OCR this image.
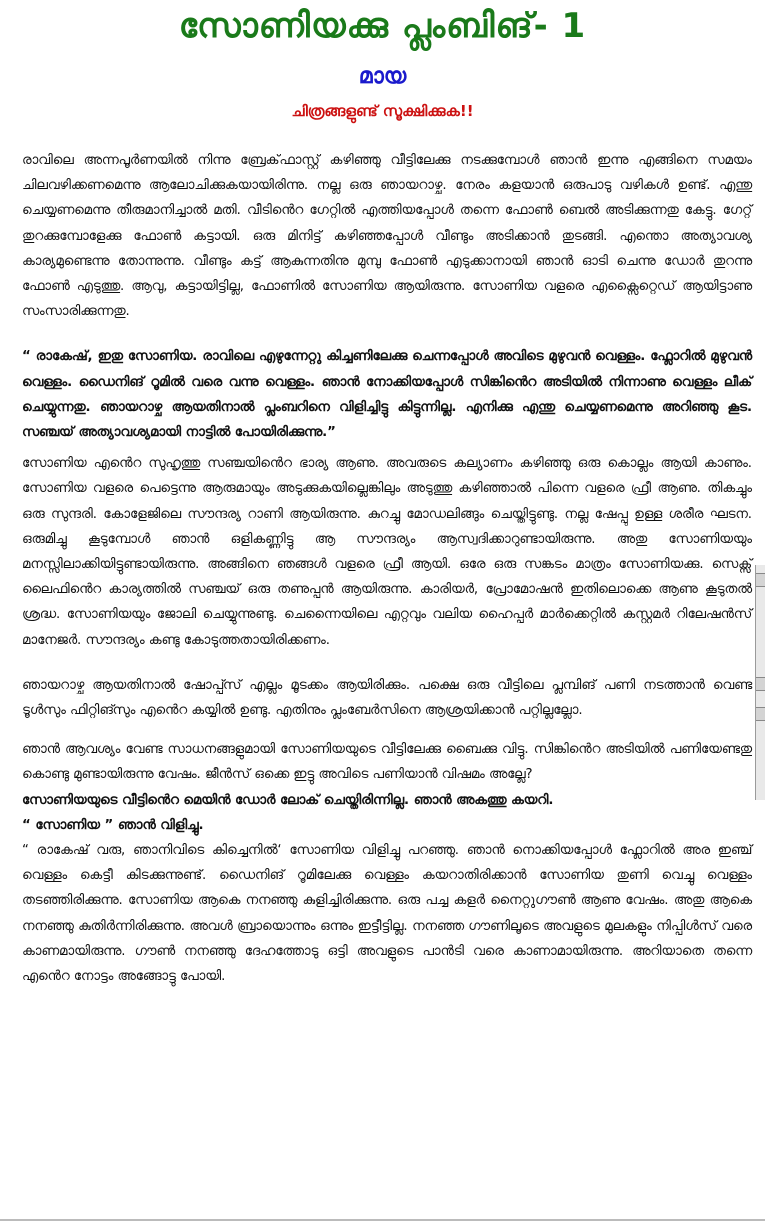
സോണിയക്കു പ്ലംബിങ്- 1
മായ
ചിത്രങ്ങളുണ്ട് സൂക്ഷിക്കുക!!

രാവിലെ അന്നപൂർണയിൽ നിന്നു ബ്രേക്‌ഫാസ്റ്റ് കഴിഞ്ഞു വീട്ടിലേക്കു നടക്കുമ്പോൾ ഞാൻ ഇന്നു എങ്ങിനെ സമയം ചിലവഴിക്കണമെന്നു ആലോചിക്കുകയായിരിന്നു. നല്ല ഒരു ഞായറാഴ്ച. നേരം കളയാൻ ഒരുപാടു വഴികൾ ഉണ്ട്. എന്തു ചെയ്യണമെന്നു തീരുമാനിച്ചാൽ മതി. വീടിൻെറ ഗേറ്റിൽ എത്തിയപ്പോൾ തന്നെ ഫോൺ ബെൽ അടിക്കുന്നതു കേട്ടു. ഗേറ്റ് തുറക്കുമ്പോളേക്കു ഫോൺ കട്ടായി. ഒരു മിനിട്ട് കഴിഞ്ഞപ്പോൾ വീണ്ടും അടിക്കാൻ തുടങ്ങി. എന്തൊ അത്യാവശ്യ കാര്യമുണ്ടെന്നു തോന്നുന്നു. വീണ്ടും കട്ട് ആകുന്നതിനു മുമ്പു ഫോൺ എടുക്കാനായി ഞാൻ ഓടി ചെന്നു ഡോർ തുറന്നു ഫോൺ എടുത്തു. ആവു, കട്ടായിട്ടില്ല, ഫോണിൽ സോണിയ ആയിരുന്നു. സോണിയ വളരെ എക്സൈറ്റെഡ് ആയിട്ടാണു സംസാരിക്കുന്നതു.

“ രാകേഷ്, ഇതു സോണിയ. രാവിലെ എഴുന്നേറ്റു കിച്ചണിലേക്കു ചെന്നപ്പോൾ അവിടെ മുഴുവൻ വെള്ളം. ഫ്ലോറിൽ മുഴുവൻ വെള്ളം. ഡൈനിങ് റൂമിൽ വരെ വന്നു വെള്ളം. ഞാൻ നോക്കിയപ്പോൾ സിങ്കിൻെറ അടിയിൽ നിന്നാണു വെള്ളം ലീക് ചെയ്യുന്നതു. ഞായറാഴ്ച ആയതിനാൽ പ്ലംബറിനെ വിളിച്ചിട്ടു കിട്ടുന്നില്ല. എനിക്കു എന്തു ചെയ്യണമെന്നു അറിഞ്ഞു കൂട. സഞ്ചയ് അത്യാവശ്യമായി നാട്ടിൽ പോയിരിക്കുന്നു.”

സോണിയ എൻെറ സുഹൃത്തു സഞ്ചയിൻെറ ഭാര്യ ആണു. അവരുടെ കല്യാണം കഴിഞ്ഞു ഒരു കൊല്ലം ആയി കാണും. സോണിയ വളരെ പെട്ടെന്നു ആരുമായും അടുക്കുകയില്ലെങ്കിലും അടുത്തു കഴിഞ്ഞാൽ പിന്നെ വളരെ ഫ്രീ ആണു. തികച്ചും ഒരു സുന്ദരി. കോളേജിലെ സൗന്ദര്യ റാണി ആയിരുന്നു. കുറച്ചു മോഡലിങ്ങും ചെയ്തിട്ടുണ്ടു. നല്ല ഷേപ്പു ഉള്ള ശരീര ഘടന. ഒരുമിച്ചു കൂടുമ്പോൾ ഞാൻ ഒളികണ്ണിട്ടു ആ സൗന്ദര്യം ആസ്വദിക്കാറുണ്ടായിരുന്നു. അതു സോണിയയും മനസ്സിലാക്കിയിട്ടുണ്ടായിരുന്നു. അങ്ങിനെ ഞങ്ങൾ വളരെ ഫ്രീ ആയി. ഒരേ ഒരു സങ്കടം മാത്രം സോണിയക്കു. സെക്സ് ലൈഫിൻെറ കാര്യത്തിൽ സഞ്ചയ് ഒരു തണുപ്പൻ ആയിരുന്നു. കാരിയർ, പ്രോമോഷൻ ഇതിലൊക്കെ ആണു കൂടുതൽ ശ്രദ്ധ. സോണിയയും ജോലി ചെയ്യുന്നുണ്ടു. ചെന്നൈയിലെ എറ്റവും വലിയ ഹൈപ്പർ മാർക്കെറ്റിൽ കസ്റ്റമർ റിലേഷൻസ് മാനേജർ. സൗന്ദര്യം കണ്ടു കോടുത്തതായിരിക്കണം.

ഞായറാഴ്ച ആയതിനാൽ ഷോപ്പ്സ് എല്ലം മൂടക്കം ആയിരിക്കും. പക്ഷെ ഒരു വീട്ടിലെ പ്ലമ്പിങ് പണി നടത്താൻ വെണ്ട ടൂൾസും ഫിറ്റിങ്സും എൻെറ കയ്യിൽ ഉണ്ടു. എതിനും പ്ലംബേർസിനെ ആശ്രയിക്കാൻ പറ്റില്ലല്ലോ.

ഞാൻ ആവശ്യം വേണ്ട സാധനങ്ങളുമായി സോണിയയുടെ വീട്ടിലേക്കു ബൈക്കു വിട്ടു. സിങ്കിൻെറ അടിയിൽ പണിയേണ്ടതു കൊണ്ടു മുണ്ടായിരുന്നു വേഷം. ജീൻസ് ഒക്കെ ഇട്ടു അവിടെ പണിയാൻ വിഷമം അല്ലേ?

സോണിയയുടെ വീട്ടിൻെറ മെയിൻ ഡോർ ലോക് ചെയ്തിരിന്നില്ല. ഞാൻ അകത്തു കയറി.

“ സോണിയ ” ഞാൻ വിളിച്ചു.

“ രാകേഷ് വരു, ഞാനിവിടെ കിച്ചെനിൽ‘ സോണിയ വിളിച്ചു പറഞ്ഞു. ഞാൻ നൊക്കിയപ്പോൾ ഫ്ലോറിൽ അര ഇഞ്ച് വെള്ളം കെട്ടീ കിടക്കുന്നുണ്ട്. ഡൈനിങ് റൂമിലേക്കു വെള്ളം കയറാതിരിക്കാൻ സോണിയ തുണി വെച്ചു വെള്ളം തടഞ്ഞിരിക്കുന്നു. സോണിയ ആകെ നനഞ്ഞു കുളിച്ചിരിക്കുന്നു. ഒരു പച്ച കളർ നൈറ്റുഗൗൺ ആണു വേഷം. അതു ആകെ നനഞ്ഞു കുതിർന്നിരിക്കുന്നു. അവൾ ബ്രായൊന്നും ഒന്നും ഇട്ടീട്ടില്ല. നനഞ്ഞ ഗൗണിലൂടെ അവളുടെ മുലകളും നിപ്പിൾസ് വരെ കാണമായിരുന്നു. ഗൗൺ നനഞ്ഞു ദേഹത്തോടു ഒട്ടി അവളുടെ പാൻടി വരെ കാണാമായിരുന്നു. അറിയാതെ തന്നെ എൻെറ നോട്ടം അങ്ങോട്ടു പോയി.
